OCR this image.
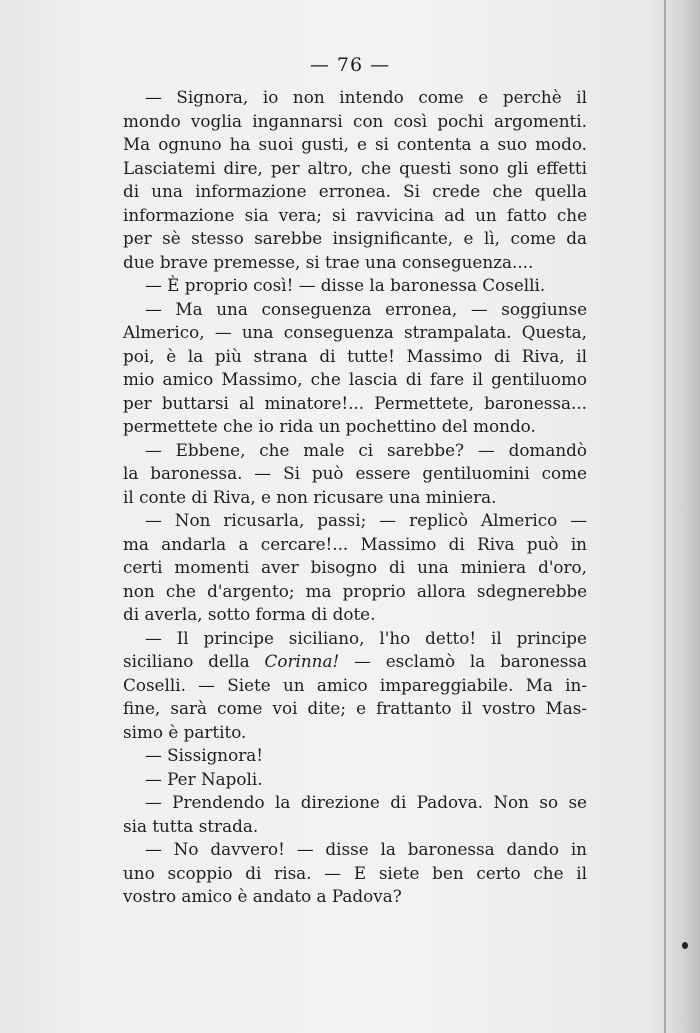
— 76 —
— Signora, io non intendo come e perchè il
mondo voglia ingannarsi con così pochi argomenti.
Ma ognuno ha suoi gusti, e si contenta a suo modo.
Lasciatemi dire, per altro, che questi sono gli effetti
di una informazione erronea. Si crede che quella
informazione sia vera; si ravvicina ad un fatto che
per sè stesso sarebbe insignificante, e lì, come da
due brave premesse, si trae una conseguenza....
— È proprio così! — disse la baronessa Coselli.
— Ma una conseguenza erronea, — soggiunse
Almerico, — una conseguenza strampalata. Questa,
poi, è la più strana di tutte! Massimo di Riva, il
mio amico Massimo, che lascia di fare il gentiluomo
per buttarsi al minatore!... Permettete, baronessa...
permettete che io rida un pochettino del mondo.
— Ebbene, che male ci sarebbe? — domandò
la baronessa. — Si può essere gentiluomini come
il conte di Riva, e non ricusare una miniera.
— Non ricusarla, passi; — replicò Almerico —
ma andarla a cercare!... Massimo di Riva può in
certi momenti aver bisogno di una miniera d'oro,
non che d'argento; ma proprio allora sdegnerebbe
di averla, sotto forma di dote.
— Il principe siciliano, l'ho detto! il principe
siciliano della Corinna! — esclamò la baronessa
Coselli. — Siete un amico impareggiabile. Ma in-
fine, sarà come voi dite; e frattanto il vostro Mas-
simo è partito.
— Sissignora!
— Per Napoli.
— Prendendo la direzione di Padova. Non so se
sia tutta strada.
— No davvero! — disse la baronessa dando in
uno scoppio di risa. — E siete ben certo che il
vostro amico è andato a Padova?
